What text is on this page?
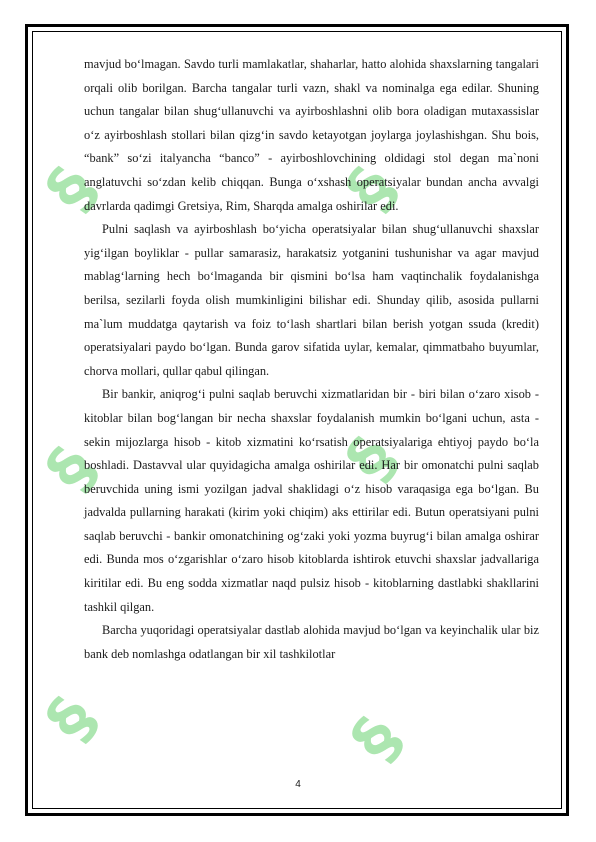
§
§
§
§
§
§

mavjud bo‘lmagan. Savdo turli mamlakatlar, shaharlar, hatto alohida shaxslarning tangalari orqali olib borilgan. Barcha tangalar turli vazn, shakl va nominalga ega edilar. Shuning uchun tangalar bilan shug‘ullanuvchi va ayirboshlashni olib bora oladigan mutaxassislar o‘z ayirboshlash stollari bilan qizg‘in savdo ketayotgan joylarga joylashishgan. Shu bois, “bank” so‘zi italyancha “banco” - ayirboshlovchining oldidagi stol degan ma`noni anglatuvchi so‘zdan kelib chiqqan. Bunga o‘xshash operatsiyalar bundan ancha avvalgi davrlarda qadimgi Gretsiya, Rim, Sharqda amalga oshirilar edi.

Pulni saqlash va ayirboshlash bo‘yicha operatsiyalar bilan shug‘ullanuvchi shaxslar yig‘ilgan boyliklar - pullar samarasiz, harakatsiz yotganini tushunishar va agar mavjud mablag‘larning hech bo‘lmaganda bir qismini bo‘lsa ham vaqtinchalik foydalanishga berilsa, sezilarli foyda olish mumkinligini bilishar edi. Shunday qilib, asosida pullarni ma`lum muddatga qaytarish va foiz to‘lash shartlari bilan berish yotgan ssuda (kredit) operatsiyalari paydo bo‘lgan. Bunda garov sifatida uylar, kemalar, qimmatbaho buyumlar, chorva mollari, qullar qabul qilingan.

Bir bankir, aniqrog‘i pulni saqlab beruvchi xizmatlaridan bir - biri bilan o‘zaro xisob - kitoblar bilan bog‘langan bir necha shaxslar foydalanish mumkin bo‘lgani uchun, asta - sekin mijozlarga hisob - kitob xizmatini ko‘rsatish operatsiyalariga ehtiyoj paydo bo‘la boshladi. Dastavval ular quyidagicha amalga oshirilar edi. Har bir omonatchi pulni saqlab beruvchida uning ismi yozilgan jadval shaklidagi o‘z hisob varaqasiga ega bo‘lgan. Bu jadvalda pullarning harakati (kirim yoki chiqim) aks ettirilar edi. Butun operatsiyani pulni saqlab beruvchi - bankir omonatchining og‘zaki yoki yozma buyrug‘i bilan amalga oshirar edi. Bunda mos o‘zgarishlar o‘zaro hisob kitoblarda ishtirok etuvchi shaxslar jadvallariga kiritilar edi. Bu eng sodda xizmatlar naqd pulsiz hisob - kitoblarning dastlabki shakllarini tashkil qilgan.

Barcha yuqoridagi operatsiyalar dastlab alohida mavjud bo‘lgan va keyinchalik ular biz bank deb nomlashga odatlangan bir xil tashkilotlar

4
